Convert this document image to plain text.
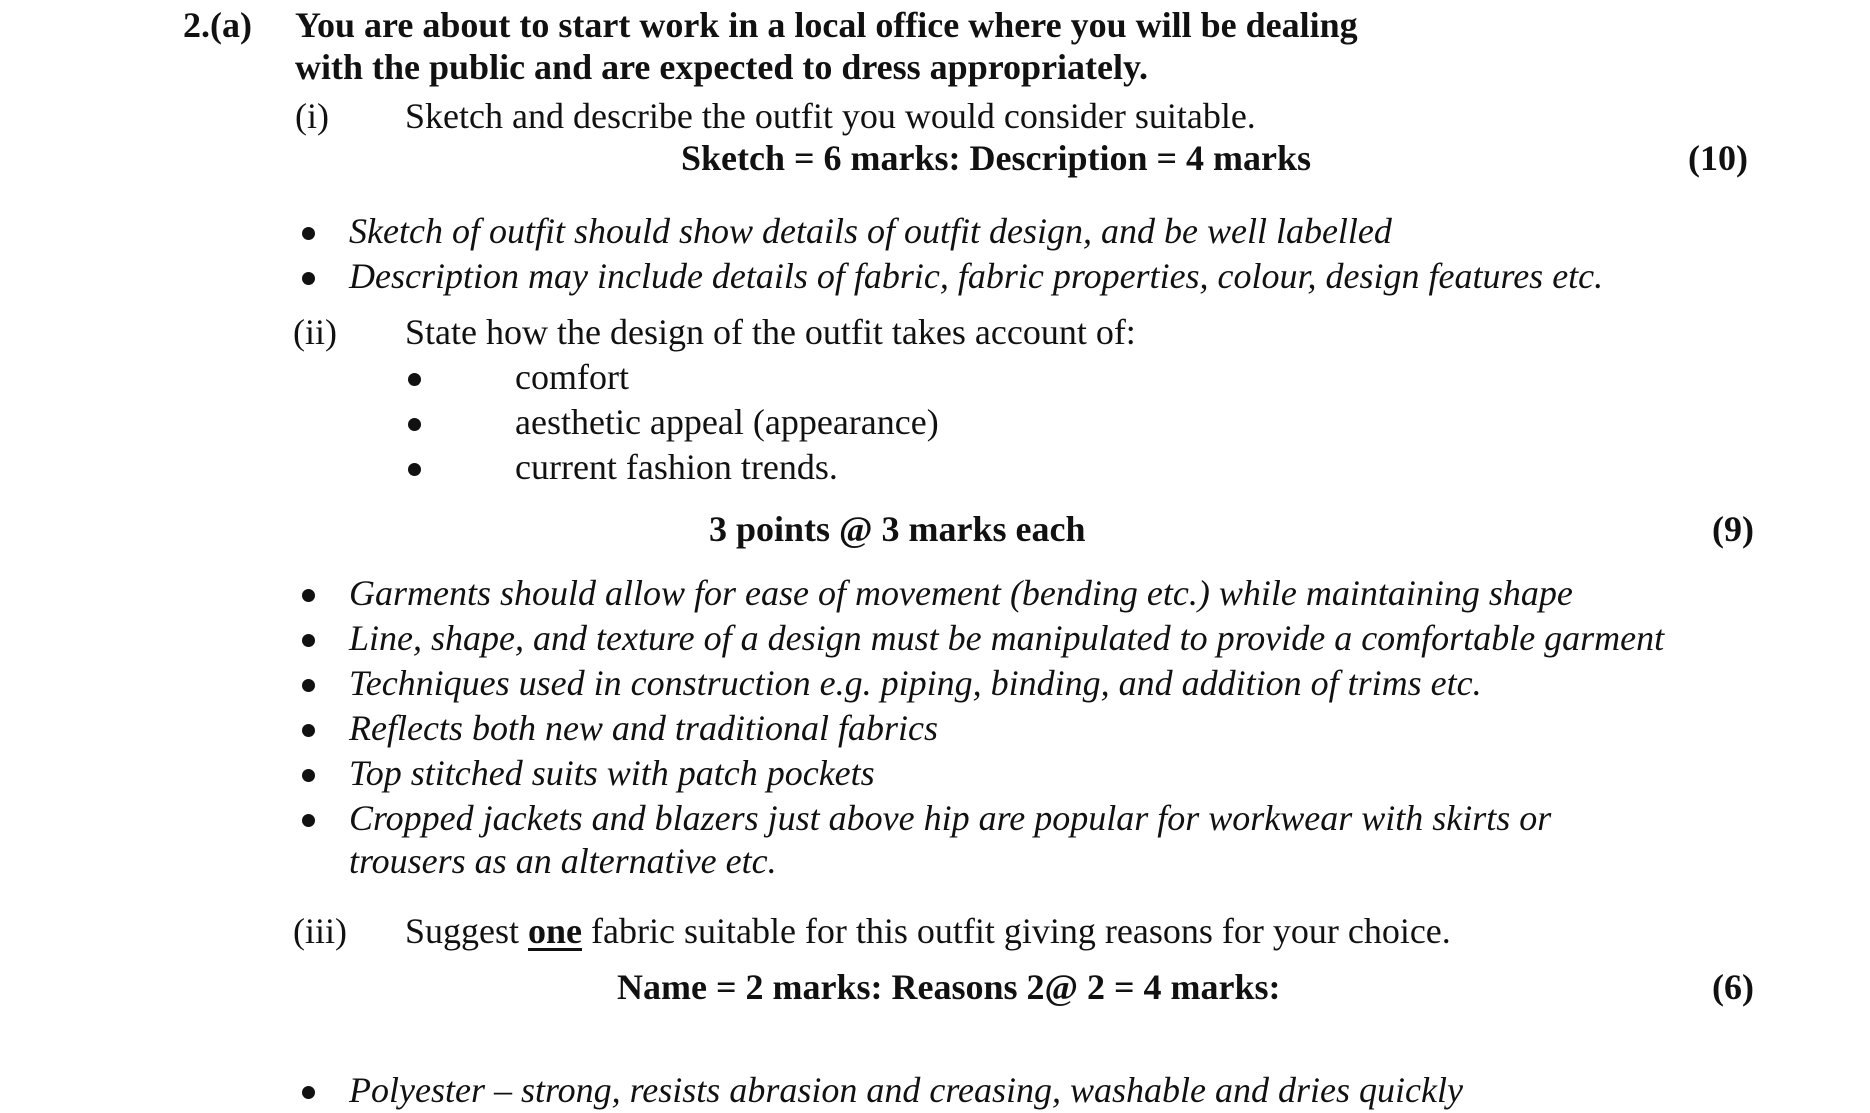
2.(a) You are about to start work in a local office where you will be dealing
with the public and are expected to dress appropriately.
(i) Sketch and describe the outfit you would consider suitable.
Sketch = 6 marks: Description = 4 marks	(10)
Sketch of outfit should show details of outfit design, and be well labelled
Description may include details of fabric, fabric properties, colour, design features etc.
(ii) State how the design of the outfit takes account of:
comfort
aesthetic appeal (appearance)
current fashion trends.
3 points @ 3 marks each	(9)
Garments should allow for ease of movement (bending etc.) while maintaining shape
Line, shape, and texture of a design must be manipulated to provide a comfortable garment
Techniques used in construction e.g. piping, binding, and addition of trims etc.
Reflects both new and traditional fabrics
Top stitched suits with patch pockets
Cropped jackets and blazers just above hip are popular for workwear with skirts or
trousers as an alternative etc.
(iii) Suggest one fabric suitable for this outfit giving reasons for your choice.
Name = 2 marks: Reasons 2@ 2 = 4 marks:	(6)
Polyester – strong, resists abrasion and creasing, washable and dries quickly
